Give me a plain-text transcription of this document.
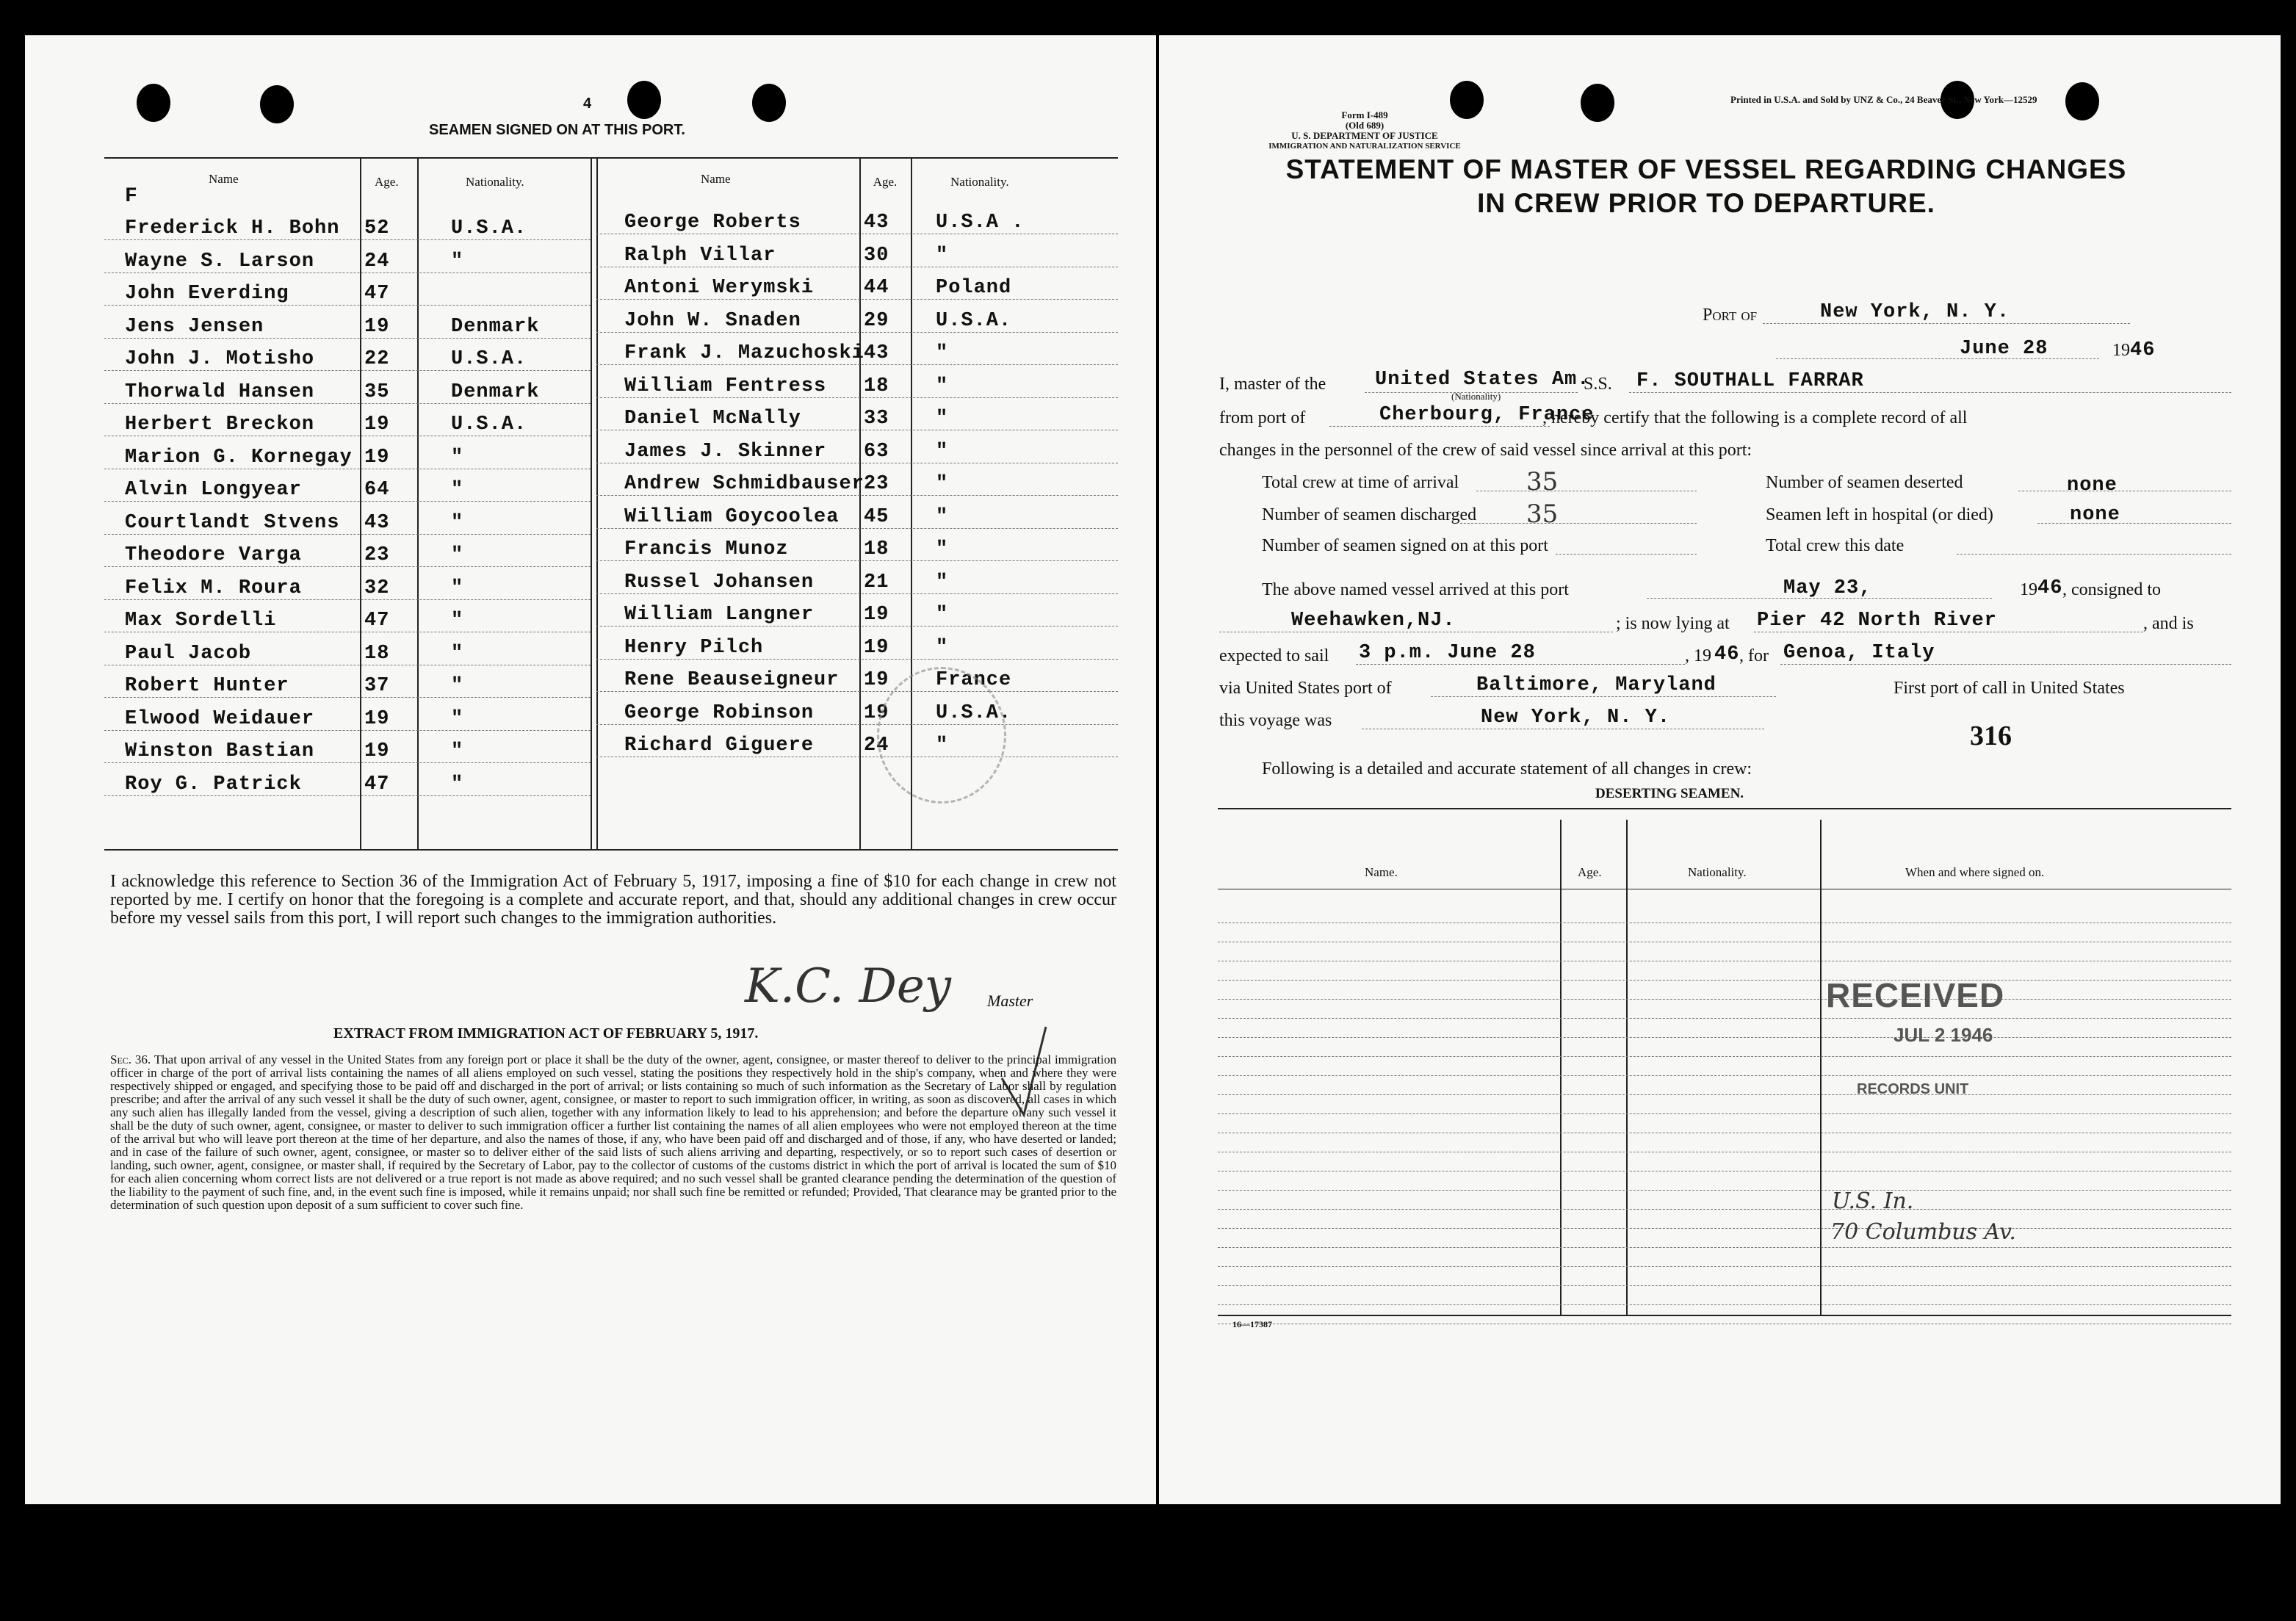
4
SEAMEN SIGNED ON AT THIS PORT.
Name	Age.	Nationality.	Name	Age.	Nationality.
F
Frederick H. Bohn 52	U.S.A.
Wayne S. Larson	24	"
John Everding	47
Jens Jensen	19	Denmark
John J. Motisho	22	U.S.A.
Thorwald Hansen	35	Denmark
Herbert Breckon	19	U.S.A.
Marion G. Kornegay 19	"
Alvin Longyear	64	"
Courtlandt Stvens 43	"
Theodore Varga	23	"
Felix M. Roura	32	"
Max Sordelli	47	"
Paul Jacob	18	"
Robert Hunter	37	"
Elwood Weidauer	19	"
Winston Bastian	19	"
Roy G. Patrick	47	"
George Roberts	43 U.S.A .
Ralph Villar	30 "
Antoni Werymski	44 Poland
John W. Snaden	29 U.S.A.
Frank J. Mazuchoski 43 "
William Fentress 18 "
Daniel McNally	33 "
James J. Skinner 63 "
Andrew Schmidbauser 23 "
William Goycoolea 45 "
Francis Munoz	18 "
Russel Johansen	21 "
William Langner	19 "
Henry Pilch	19 "
Rene Beauseigneur 19 France
George Robinson	19 U.S.A.
Richard Giguere	24 "
I acknowledge this reference to Section 36 of the Immigration Act of February 5, 1917, imposing a fine of $10 for each change in crew not reported by me. I certify on honor that the foregoing is a complete and accurate report, and that, should any additional changes in crew occur before my vessel sails from this port, I will report such changes to the immigration authorities.
K.C. Dey Master
EXTRACT FROM IMMIGRATION ACT OF FEBRUARY 5, 1917.
Sec. 36. That upon arrival of any vessel in the United States from any foreign port or place it shall be the duty of the owner, agent, consignee, or master thereof to deliver to the principal immigration officer in charge of the port of arrival lists containing the names of all aliens employed on such vessel, stating the positions they respectively hold in the ship's company, when and where they were respectively shipped or engaged, and specifying those to be paid off and discharged in the port of arrival; or lists containing so much of such information as the Secretary of Labor shall by regulation prescribe; and after the arrival of any such vessel it shall be the duty of such owner, agent, consignee, or master to report to such immigration officer, in writing, as soon as discovered, all cases in which any such alien has illegally landed from the vessel, giving a description of such alien, together with any information likely to lead to his apprehension; and before the departure of any such vessel it shall be the duty of such owner, agent, consignee, or master to deliver to such immigration officer a further list containing the names of all alien employees who were not employed thereon at the time of the arrival but who will leave port thereon at the time of her departure, and also the names of those, if any, who have been paid off and discharged and of those, if any, who have deserted or landed; and in case of the failure of such owner, agent, consignee, or master so to deliver either of the said lists of such aliens arriving and departing, respectively, or so to report such cases of desertion or landing, such owner, agent, consignee, or master shall, if required by the Secretary of Labor, pay to the collector of customs of the customs district in which the port of arrival is located the sum of $10 for each alien concerning whom correct lists are not delivered or a true report is not made as above required; and no such vessel shall be granted clearance pending the determination of the question of the liability to the payment of such fine, and, in the event such fine is imposed, while it remains unpaid; nor shall such fine be remitted or refunded; Provided, That clearance may be granted prior to the determination of such question upon deposit of a sum sufficient to cover such fine.
Form I-489
(Old 689)
U. S. DEPARTMENT OF JUSTICE
IMMIGRATION AND NATURALIZATION SERVICE
Printed in U.S.A. and Sold by UNZ & Co., 24 Beaver St., New York—12529
STATEMENT OF MASTER OF VESSEL REGARDING CHANGES
IN CREW PRIOR TO DEPARTURE.
Port of	New York, N. Y.
June 28	19 46
I, master of the United States Am.
(Nationality)
S.S. F. SOUTHALL FARRAR
from port of	Cherbourg, France
, hereby certify that the following is a complete record of all
changes in the personnel of the crew of said vessel since arrival at this port:
Total crew at time of arrival	35	Number of seamen deserted	none
Number of seamen discharged 35	Seamen left in hospital (or died)	none
Number of seamen signed on at this port	Total crew this date
The above named vessel arrived at this port	May 23,	19 46 , consigned to
Weehawken,NJ.	; is now lying at Pier 42 North River	, and is
expected to sail 3 p.m. June 28	, 19 46 , for Genoa, Italy
via United States port of	Baltimore, Maryland	First port of call in United States
this voyage was	New York, N. Y.
316
Following is a detailed and accurate statement of all changes in crew:
DESERTING SEAMEN.
Name.	Age.	Nationality.	When and where signed on.
RECEIVED
JUL 2 1946
RECORDS UNIT
U.S. In.
70 Columbus Av.
16—17387
